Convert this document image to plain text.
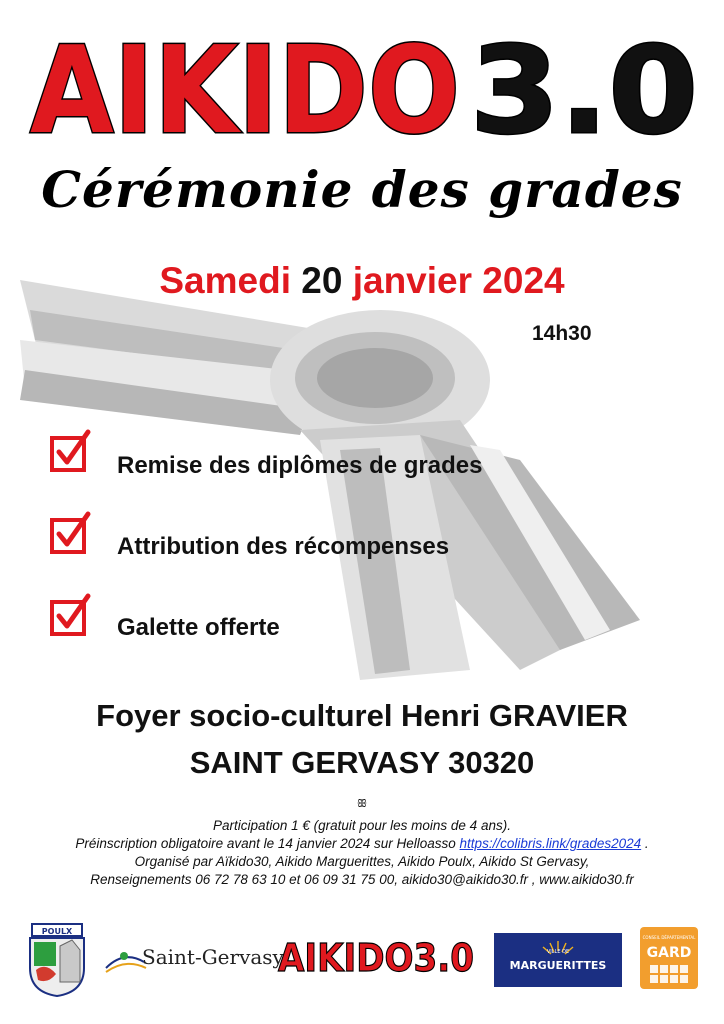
AIKIDO 3.0
Cérémonie des grades
Samedi 20 janvier 2024
14h30
Remise des diplômes de grades
Attribution des récompenses
Galette offerte
Foyer socio-culturel Henri GRAVIER
SAINT GERVASY 30320
ꕥ
Participation 1 € (gratuit pour les moins de 4 ans).
Préinscription obligatoire avant le 14 janvier 2024 sur Helloasso https://colibris.link/grades2024 .
Organisé par Aïkido30, Aikido Marguerittes, Aikido Poulx, Aikido St Gervasy,
Renseignements 06 72 78 63 10 et 06 09 31 75 00, aikido30@aikido30.fr , www.aikido30.fr
POULX
Saint-Gervasy
AIKIDO3.0	VILLE DE
MARGUERITTES
CONSEIL DÉPARTEMENTAL
GARD
